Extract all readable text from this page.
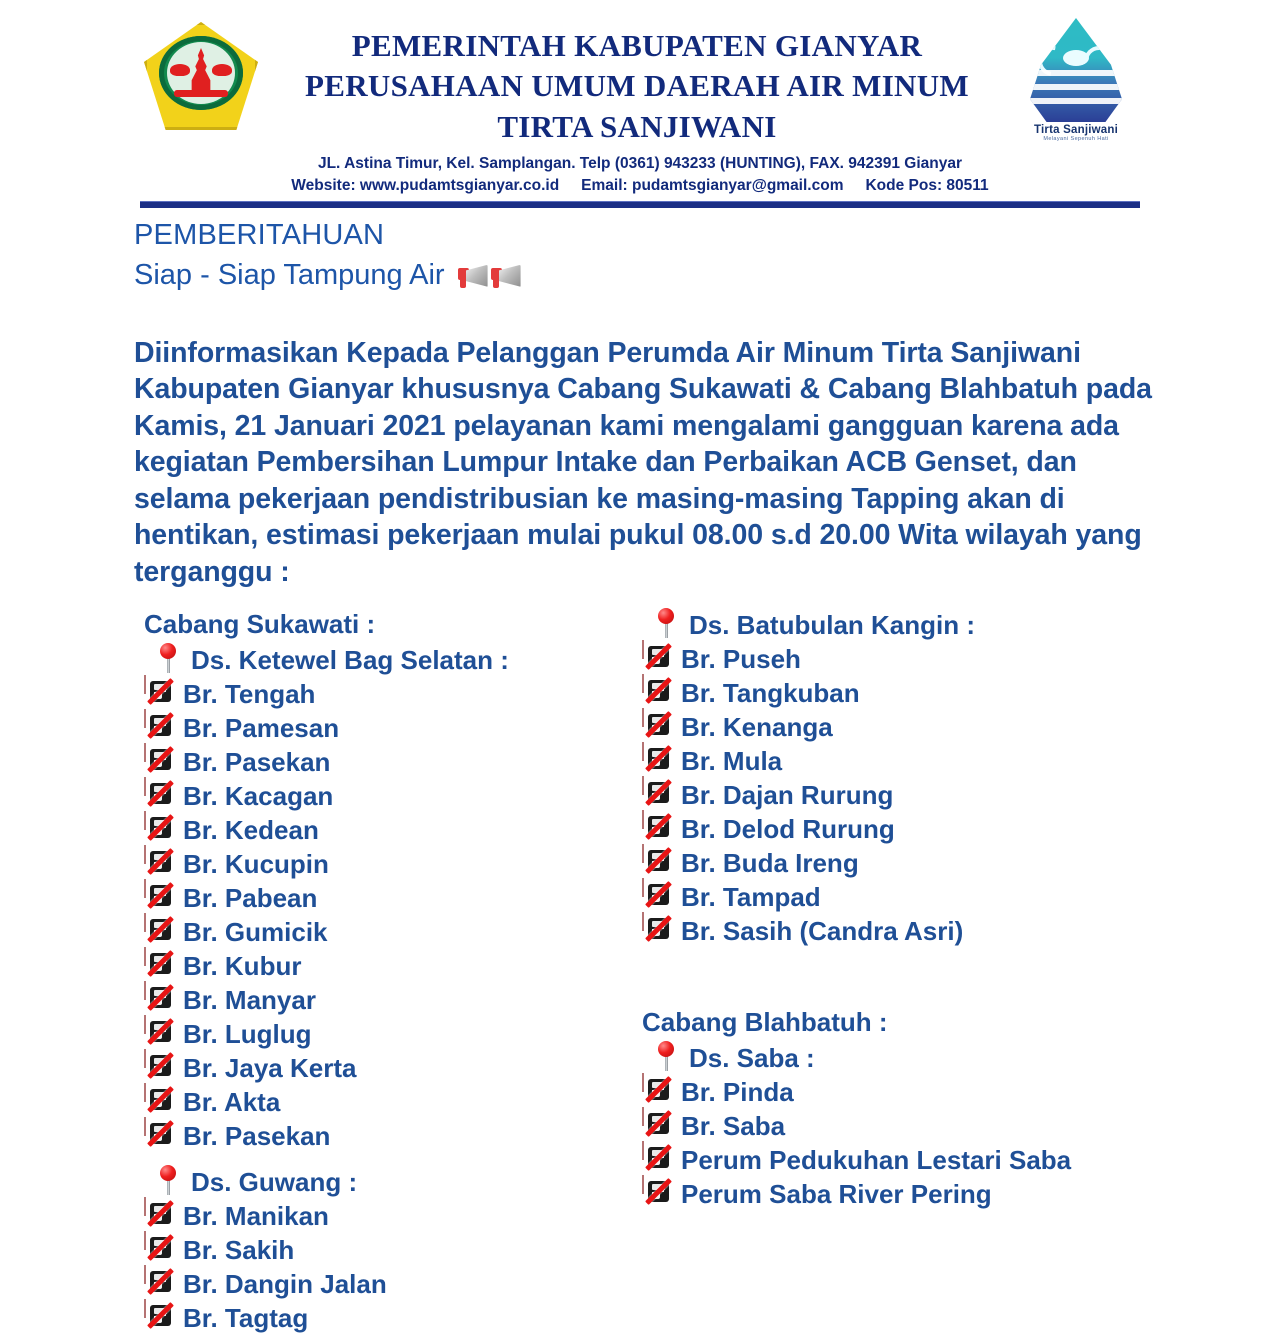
PEMERINTAH KABUPATEN GIANYAR
PERUSAHAAN UMUM DAERAH AIR MINUM
TIRTA SANJIWANI	Tirta Sanjiwani
Melayani Sepenuh Hati
JL. Astina Timur, Kel. Samplangan. Telp (0361) 943233 (HUNTING), FAX. 942391 Gianyar
Website: www.pudamtsgianyar.co.id Email: pudamtsgianyar@gmail.com Kode Pos: 80511
PEMBERITAHUAN
Siap - Siap Tampung Air
Diinformasikan Kepada Pelanggan Perumda Air Minum Tirta Sanjiwani Kabupaten Gianyar khususnya Cabang Sukawati & Cabang Blahbatuh pada Kamis, 21 Januari 2021 pelayanan kami mengalami gangguan karena ada kegiatan Pembersihan Lumpur Intake dan Perbaikan ACB Genset, dan selama pekerjaan pendistribusian ke masing-masing Tapping akan di hentikan, estimasi pekerjaan mulai pukul 08.00 s.d 20.00 Wita wilayah yang terganggu :
Cabang Sukawati :
Ds. Ketewel Bag Selatan :
Br. Tengah
Br. Pamesan
Br. Pasekan
Br. Kacagan
Br. Kedean
Br. Kucupin
Br. Pabean
Br. Gumicik
Br. Kubur
Br. Manyar
Br. Luglug
Br. Jaya Kerta
Br. Akta
Br. Pasekan
Ds. Guwang :
Br. Manikan
Br. Sakih
Br. Dangin Jalan
Br. Tagtag
Ds. Batubulan Kangin :
Br. Puseh
Br. Tangkuban
Br. Kenanga
Br. Mula
Br. Dajan Rurung
Br. Delod Rurung
Br. Buda Ireng
Br. Tampad
Br. Sasih (Candra Asri)
Cabang Blahbatuh :
Ds. Saba :
Br. Pinda
Br. Saba
Perum Pedukuhan Lestari Saba
Perum Saba River Pering
